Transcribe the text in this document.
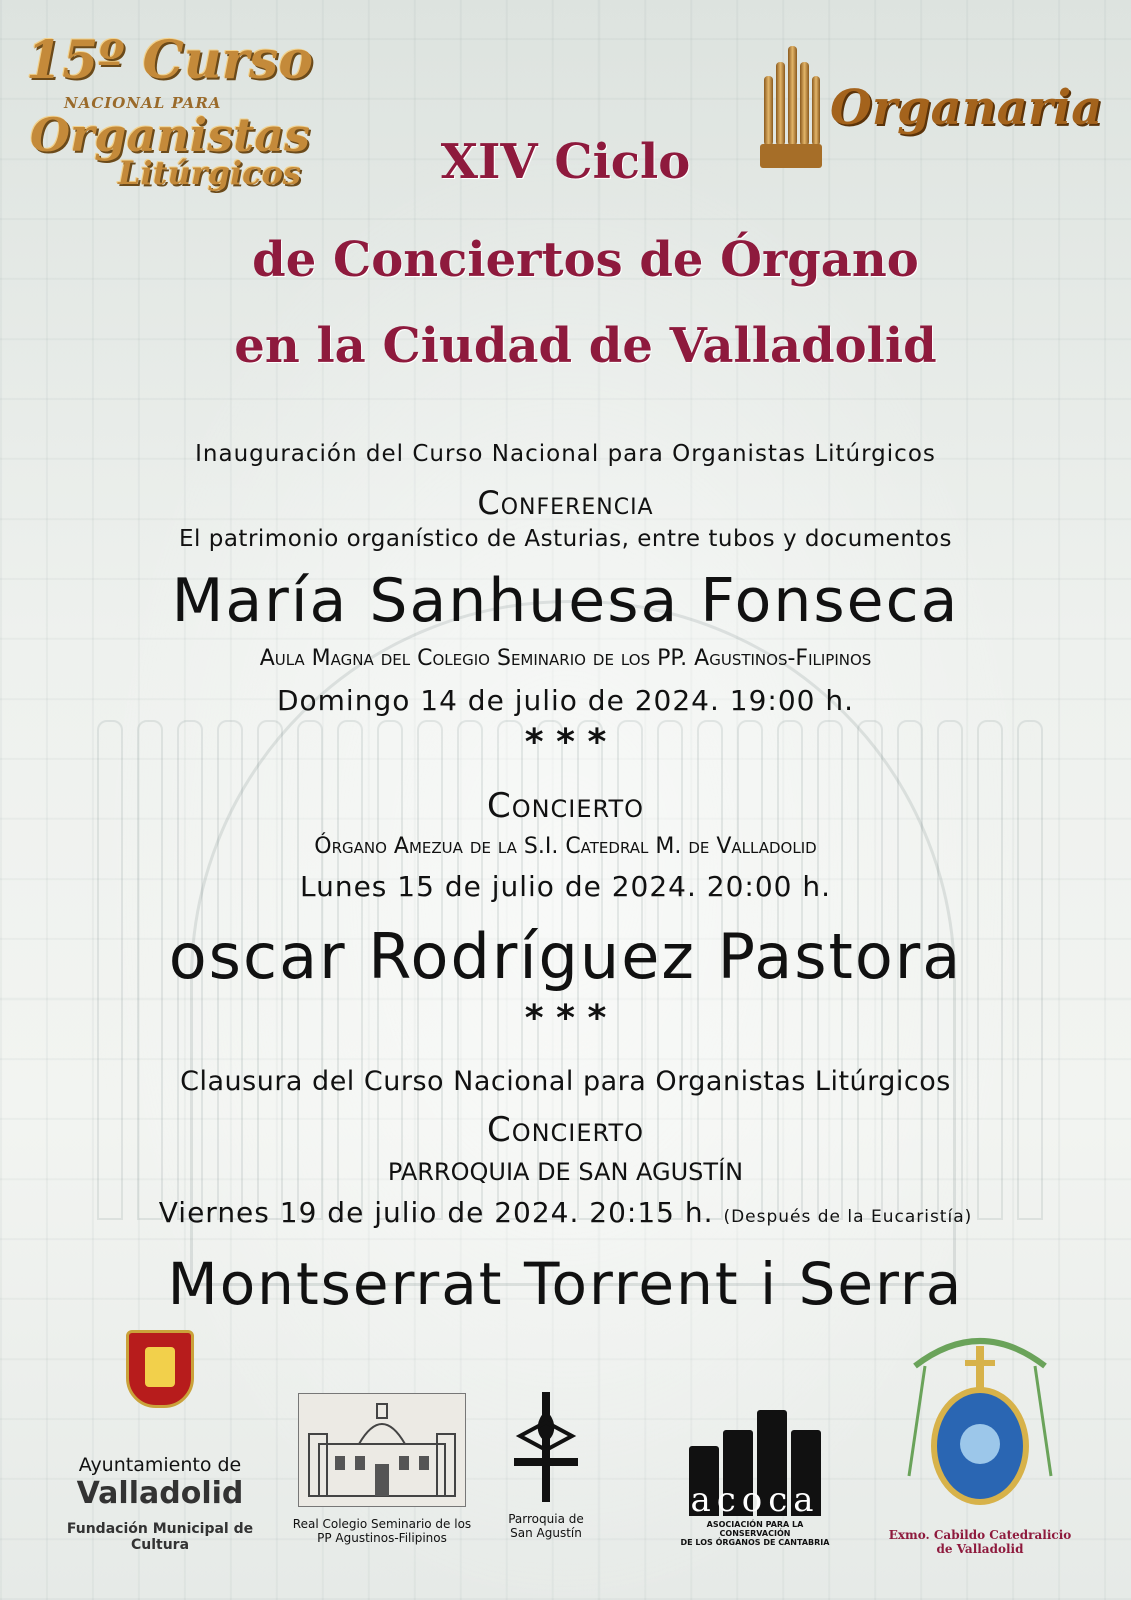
15º Curso
NACIONAL PARA
Organistas
Litúrgicos
Organaria
XIV Ciclo
de Conciertos de Órgano
en la Ciudad de Valladolid
Inauguración del Curso Nacional para Organistas Litúrgicos
Conferencia
El patrimonio organístico de Asturias, entre tubos y documentos
María Sanhuesa Fonseca
Aula Magna del Colegio Seminario de los PP. Agustinos-Filipinos
Domingo 14 de julio de 2024. 19:00 h.
* * *
Concierto
Órgano Amezua de la S.I. Catedral M. de Valladolid
Lunes 15 de julio de 2024. 20:00 h.
oscar Rodríguez Pastora
* * *
Clausura del Curso Nacional para Organistas Litúrgicos
Concierto
PARROQUIA DE SAN AGUSTÍN
Viernes 19 de julio de 2024. 20:15 h. (Después de la Eucaristía)
Montserrat Torrent i Serra
Ayuntamiento de
Valladolid
Fundación Municipal de Cultura
Real Colegio Seminario de los
PP Agustinos-Filipinos
Parroquia de
San Agustín
acoca
ASOCIACIÓN PARA LA CONSERVACIÓN
DE LOS ÓRGANOS DE CANTABRIA
Exmo. Cabildo Catedralicio
de Valladolid
